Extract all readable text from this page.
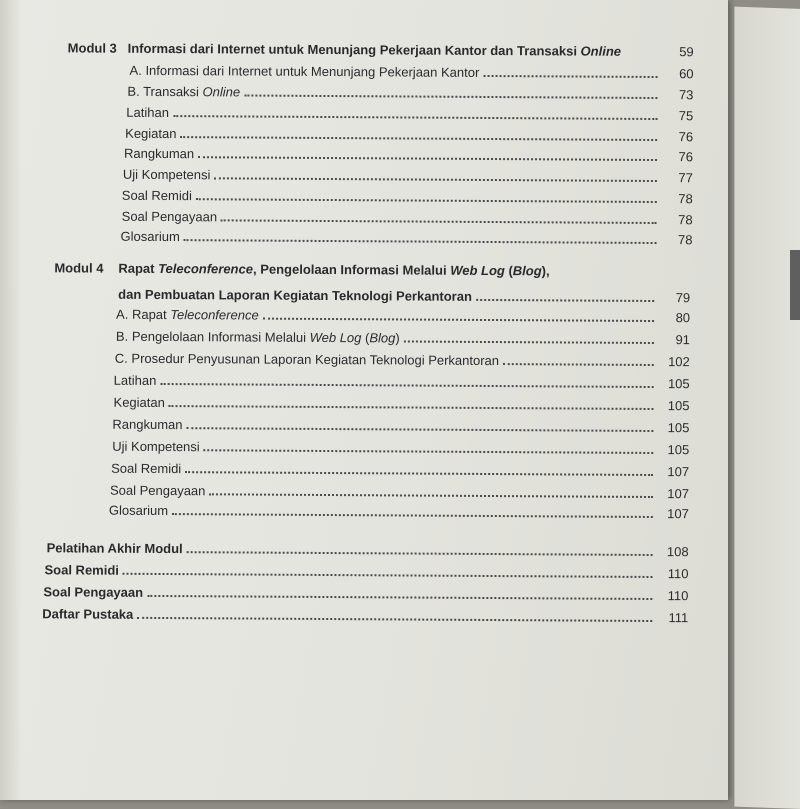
Modul 3 Informasi dari Internet untuk Menunjang Pekerjaan Kantor dan Transaksi Online	59
A. Informasi dari Internet untuk Menunjang Pekerjaan Kantor	60
B. Transaksi Online	73
Latihan	75
Kegiatan	76
Rangkuman	76
Uji Kompetensi	77
Soal Remidi	78
Soal Pengayaan	78
Glosarium	78
Modul 4 Rapat Teleconference, Pengelolaan Informasi Melalui Web Log (Blog),
dan Pembuatan Laporan Kegiatan Teknologi Perkantoran	79
A. Rapat Teleconference	80
B. Pengelolaan Informasi Melalui Web Log (Blog)	91
C. Prosedur Penyusunan Laporan Kegiatan Teknologi Perkantoran	102
Latihan	105
Kegiatan	105
Rangkuman	105
Uji Kompetensi	105
Soal Remidi	107
Soal Pengayaan	107
Glosarium	107
Pelatihan Akhir Modul	108
Soal Remidi	110
Soal Pengayaan	110
Daftar Pustaka	111
